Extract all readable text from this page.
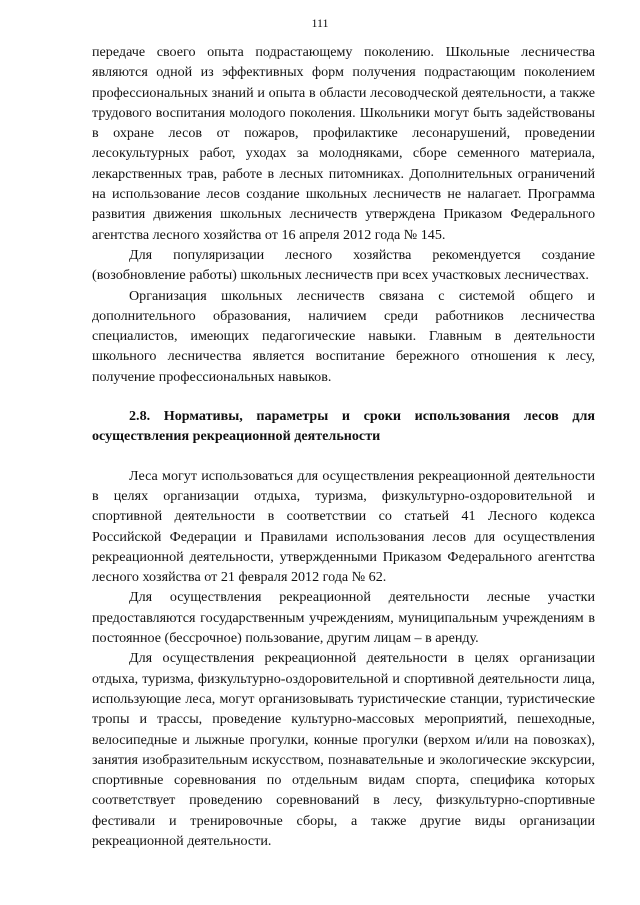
111

передаче своего опыта подрастающему поколению. Школьные лесничества являются одной из эффективных форм получения подрастающим поколением профессиональных знаний и опыта в области лесоводческой деятельности, а также трудового воспитания молодого поколения. Школьники могут быть задействованы в охране лесов от пожаров, профилактике лесонарушений, проведении лесокультурных работ, уходах за молодняками, сборе семенного материала, лекарственных трав, работе в лесных питомниках. Дополнительных ограничений на использование лесов создание школьных лесничеств не налагает. Программа развития движения школьных лесничеств утверждена Приказом Федерального агентства лесного хозяйства от 16 апреля 2012 года № 145.

Для популяризации лесного хозяйства рекомендуется создание (возобновление работы) школьных лесничеств при всех участковых лесничествах.

Организация школьных лесничеств связана с системой общего и дополнительного образования, наличием среди работников лесничества специалистов, имеющих педагогические навыки. Главным в деятельности школьного лесничества является воспитание бережного отношения к лесу, получение профессиональных навыков.

2.8. Нормативы, параметры и сроки использования лесов для осуществления рекреационной деятельности

Леса могут использоваться для осуществления рекреационной деятельности в целях организации отдыха, туризма, физкультурно-оздоровительной и спортивной деятельности в соответствии со статьей 41 Лесного кодекса Российской Федерации и Правилами использования лесов для осуществления рекреационной деятельности, утвержденными Приказом Федерального агентства лесного хозяйства от 21 февраля 2012 года № 62.

Для осуществления рекреационной деятельности лесные участки предоставляются государственным учреждениям, муниципальным учреждениям в постоянное (бессрочное) пользование, другим лицам – в аренду.

Для осуществления рекреационной деятельности в целях организации отдыха, туризма, физкультурно-оздоровительной и спортивной деятельности лица, использующие леса, могут организовывать туристические станции, туристические тропы и трассы, проведение культурно-массовых мероприятий, пешеходные, велосипедные и лыжные прогулки, конные прогулки (верхом и/или на повозках), занятия изобразительным искусством, познавательные и экологические экскурсии, спортивные соревнования по отдельным видам спорта, специфика которых соответствует проведению соревнований в лесу, физкультурно-спортивные фестивали и тренировочные сборы, а также другие виды организации рекреационной деятельности.
